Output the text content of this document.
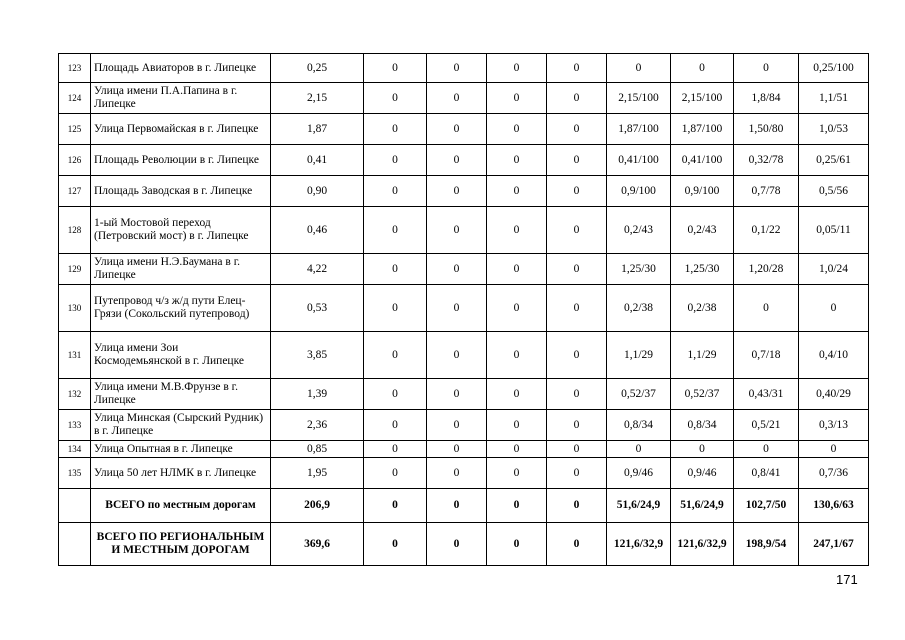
123	Площадь Авиаторов в г. Липецке	0,25	0	0	0	0	0	0	0	0,25/100
124	Улица имени П.А.Папина в г. Липецке	2,15	0	0	0	0	2,15/100	2,15/100	1,8/84	1,1/51
125	Улица Первомайская в г. Липецке	1,87	0	0	0	0	1,87/100	1,87/100	1,50/80	1,0/53
126	Площадь Революции в г. Липецке	0,41	0	0	0	0	0,41/100	0,41/100	0,32/78	0,25/61
127	Площадь Заводская в г. Липецке	0,90	0	0	0	0	0,9/100	0,9/100	0,7/78	0,5/56
128	1-ый Мостовой переход (Петровский мост) в г. Липецке	0,46	0	0	0	0	0,2/43	0,2/43	0,1/22	0,05/11
129	Улица имени Н.Э.Баумана в г. Липецке	4,22	0	0	0	0	1,25/30	1,25/30	1,20/28	1,0/24
130	Путепровод ч/з ж/д пути Елец-Грязи (Сокольский путепровод)	0,53	0	0	0	0	0,2/38	0,2/38	0	0
131	Улица имени Зои Космодемьянской в г. Липецке	3,85	0	0	0	0	1,1/29	1,1/29	0,7/18	0,4/10
132	Улица имени М.В.Фрунзе в г. Липецке	1,39	0	0	0	0	0,52/37	0,52/37	0,43/31	0,40/29
133	Улица Минская (Сырский Рудник) в г. Липецке	2,36	0	0	0	0	0,8/34	0,8/34	0,5/21	0,3/13
134	Улица Опытная в г. Липецке	0,85	0	0	0	0	0	0	0	0
135	Улица 50 лет НЛМК в г. Липецке	1,95	0	0	0	0	0,9/46	0,9/46	0,8/41	0,7/36
	ВСЕГО по местным дорогам	206,9	0	0	0	0	51,6/24,9	51,6/24,9	102,7/50	130,6/63
	ВСЕГО ПО РЕГИОНАЛЬНЫМ И МЕСТНЫМ ДОРОГАМ	369,6	0	0	0	0	121,6/32,9	121,6/32,9	198,9/54	247,1/67
171
